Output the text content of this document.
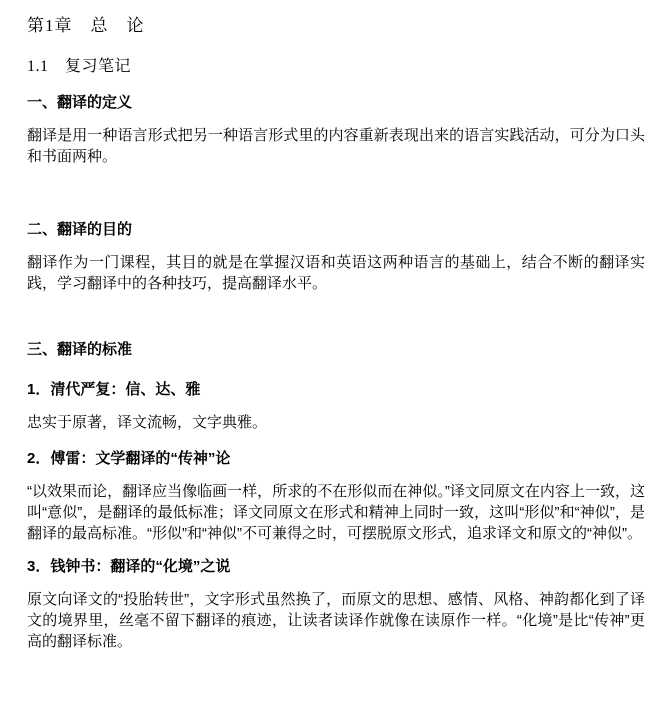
第1章　总　论
1.1　复习笔记
一、翻译的定义

翻译是用一种语言形式把另一种语言形式里的内容重新表现出来的语言实践活动，可分为口头和书面两种。

二、翻译的目的

翻译作为一门课程，其目的就是在掌握汉语和英语这两种语言的基础上，结合不断的翻译实践，学习翻译中的各种技巧，提高翻译水平。

三、翻译的标准
1．清代严复：信、达、雅

忠实于原著，译文流畅，文字典雅。

2．傅雷：文学翻译的“传神”论

“以效果而论，翻译应当像临画一样，所求的不在形似而在神似。”译文同原文在内容上一致，这叫“意似”，是翻译的最低标准；译文同原文在形式和精神上同时一致，这叫“形似”和“神似”，是翻译的最高标准。“形似”和“神似”不可兼得之时，可摆脱原文形式，追求译文和原文的“神似”。

3．钱钟书：翻译的“化境”之说

原文向译文的“投胎转世”，文字形式虽然换了，而原文的思想、感情、风格、神韵都化到了译文的境界里，丝毫不留下翻译的痕迹，让读者读译作就像在读原作一样。“化境”是比“传神”更高的翻译标准。
